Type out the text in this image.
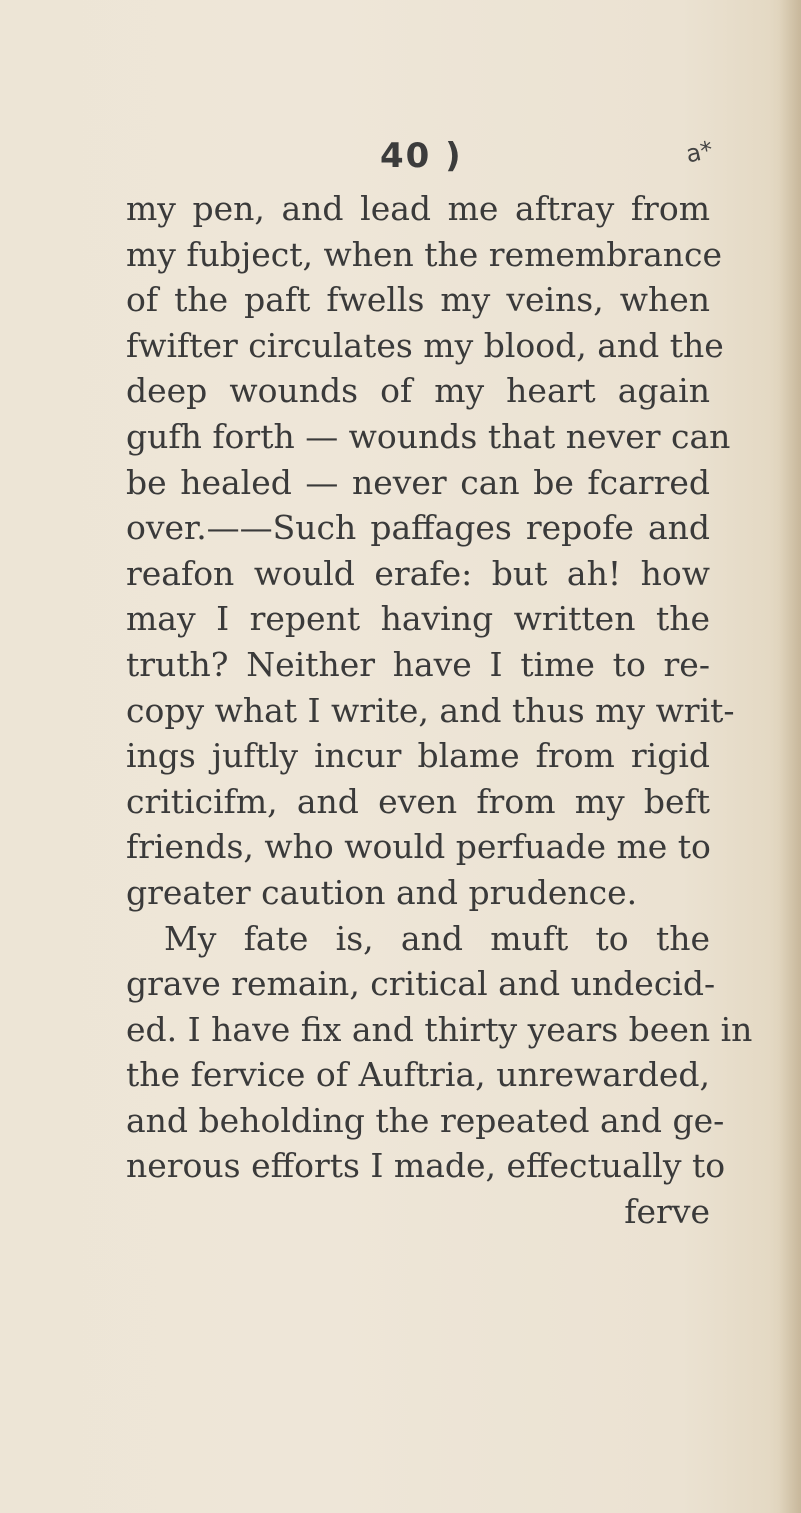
40 )	a*
my pen, and lead me aftray from
my fubject, when the remembrance
of the paft fwells my veins, when
fwifter circulates my blood, and the
deep wounds of my heart again
gufh forth — wounds that never can
be healed — never can be fcarred
over.——Such paffages repofe and
reafon would erafe: but ah! how
may I repent having written the
truth? Neither have I time to re-
copy what I write, and thus my writ-
ings juftly incur blame from rigid
criticifm, and even from my beft
friends, who would perfuade me to
greater caution and prudence.
My fate is, and muft to the
grave remain, critical and undecid-
ed. I have fix and thirty years been in
the fervice of Auftria, unrewarded,
and beholding the repeated and ge-
nerous efforts I made, effectually to
ferve
